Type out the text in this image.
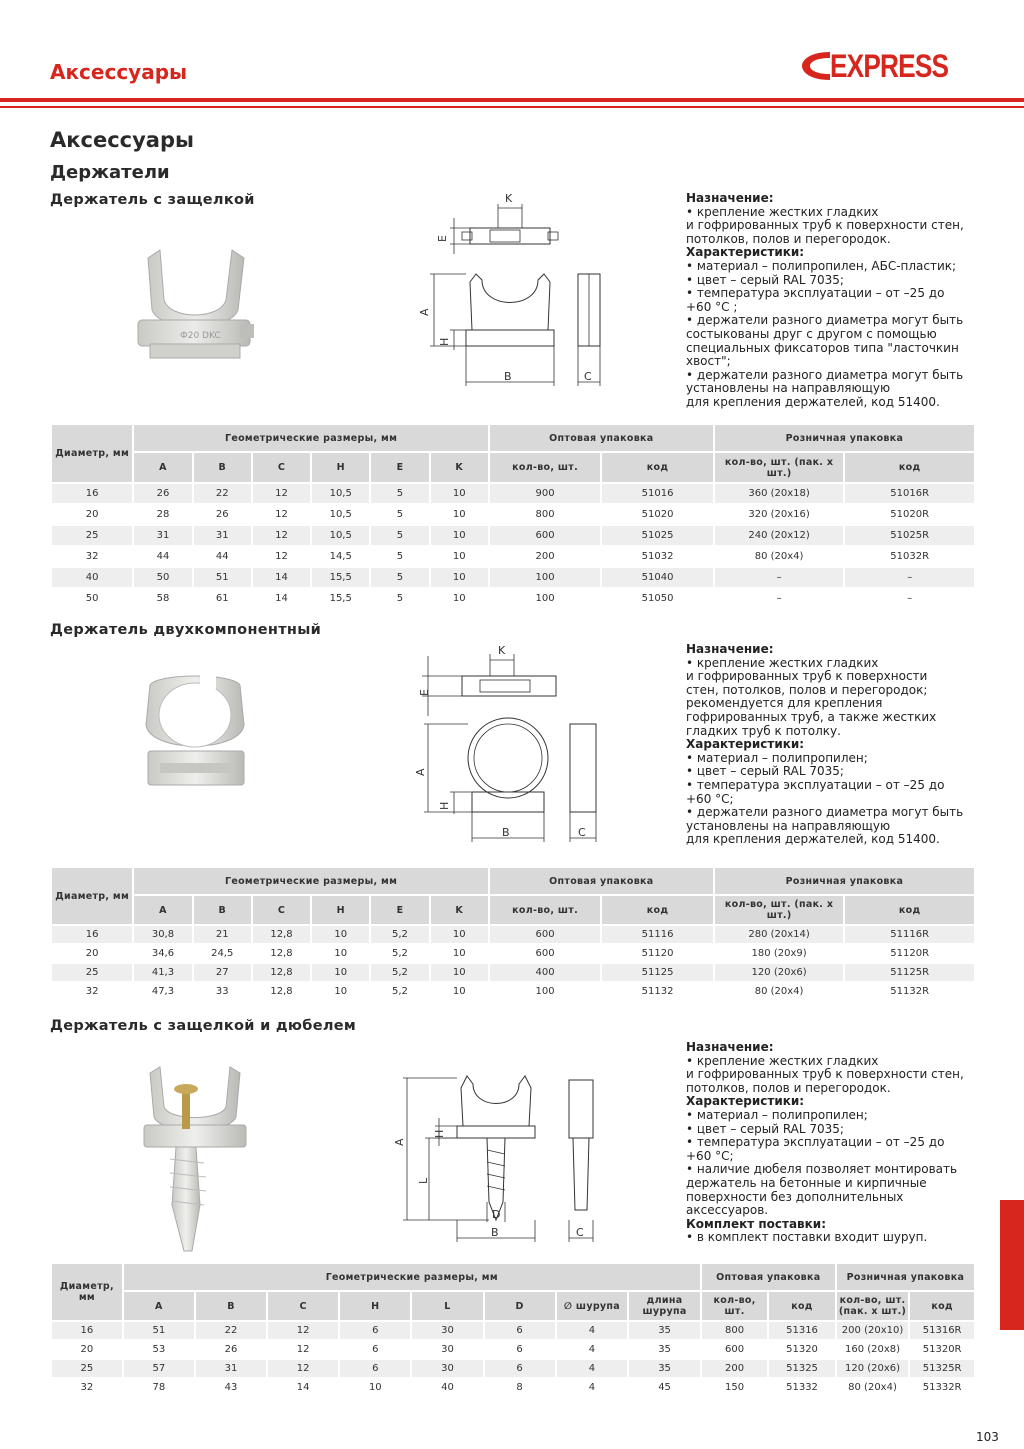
Аксессуары	EXPRESS
Аксессуары
Держатели
Держатель с защелкой
Ф20 DKC
K
E
A
H
B	C
Назначение:
• крепление жестких гладких
и гофрированных труб к поверхности стен,
потолков, полов и перегородок.
Характеристики:
• материал – полипропилен, АБС-пластик;
• цвет – серый RAL 7035;
• температура эксплуатации – от –25 до
+60 °С ;
• держатели разного диаметра могут быть
состыкованы друг с другом с помощью
специальных фиксаторов типа "ласточкин
хвост";
• держатели разного диаметра могут быть
установлены на направляющую
для крепления держателей, код 51400.
Диаметр, мм	Геометрические размеры, мм						Оптовая упаковка		Розничная упаковка	
	A	B	C	H	E	K	кол-во, шт.	код	кол-во, шт. (пак. х шт.)	код
16	26	22	12	10,5	5	10	900	51016	360 (20х18)	51016R
20	28	26	12	10,5	5	10	800	51020	320 (20х16)	51020R
25	31	31	12	10,5	5	10	600	51025	240 (20х12)	51025R
32	44	44	12	14,5	5	10	200	51032	80 (20х4)	51032R
40	50	51	14	15,5	5	10	100	51040	–	–
50	58	61	14	15,5	5	10	100	51050	–	–
Держатель двухкомпонентный
K
E
A
H
B	C
Назначение:
• крепление жестких гладких
и гофрированных труб к поверхности
стен, потолков, полов и перегородок;
рекомендуется для крепления
гофрированных труб, а также жестких
гладких труб к потолку.
Характеристики:
• материал – полипропилен;
• цвет – серый RAL 7035;
• температура эксплуатации – от –25 до
+60 °С;
• держатели разного диаметра могут быть
установлены на направляющую
для крепления держателей, код 51400.
Диаметр, мм	Геометрические размеры, мм						Оптовая упаковка		Розничная упаковка	
	A	B	C	H	E	K	кол-во, шт.	код	кол-во, шт. (пак. х шт.)	код
16	30,8	21	12,8	10	5,2	10	600	51116	280 (20х14)	51116R
20	34,6	24,5	12,8	10	5,2	10	600	51120	180 (20х9)	51120R
25	41,3	27	12,8	10	5,2	10	400	51125	120 (20х6)	51125R
32	47,3	33	12,8	10	5,2	10	100	51132	80 (20х4)	51132R
Держатель с защелкой и дюбелем
A
H
L
D
B	C
Назначение:
• крепление жестких гладких
и гофрированных труб к поверхности стен,
потолков, полов и перегородок.
Характеристики:
• материал – полипропилен;
• цвет – серый RAL 7035;
• температура эксплуатации – от –25 до
+60 °С;
• наличие дюбеля позволяет монтировать
держатель на бетонные и кирпичные
поверхности без дополнительных
аксессуаров.
Комплект поставки:
• в комплект поставки входит шуруп.
Диаметр, мм	Геометрические размеры, мм								Оптовая упаковка		Розничная упаковка	
	A	B	C	H	L	D	∅ шурупа	длина шурупа	кол-во, шт.	код	кол-во, шт. (пак. х шт.)	код
16	51	22	12	6	30	6	4	35	800	51316	200 (20х10)	51316R
20	53	26	12	6	30	6	4	35	600	51320	160 (20х8)	51320R
25	57	31	12	6	30	6	4	35	200	51325	120 (20х6)	51325R
32	78	43	14	10	40	8	4	45	150	51332	80 (20х4)	51332R
103
